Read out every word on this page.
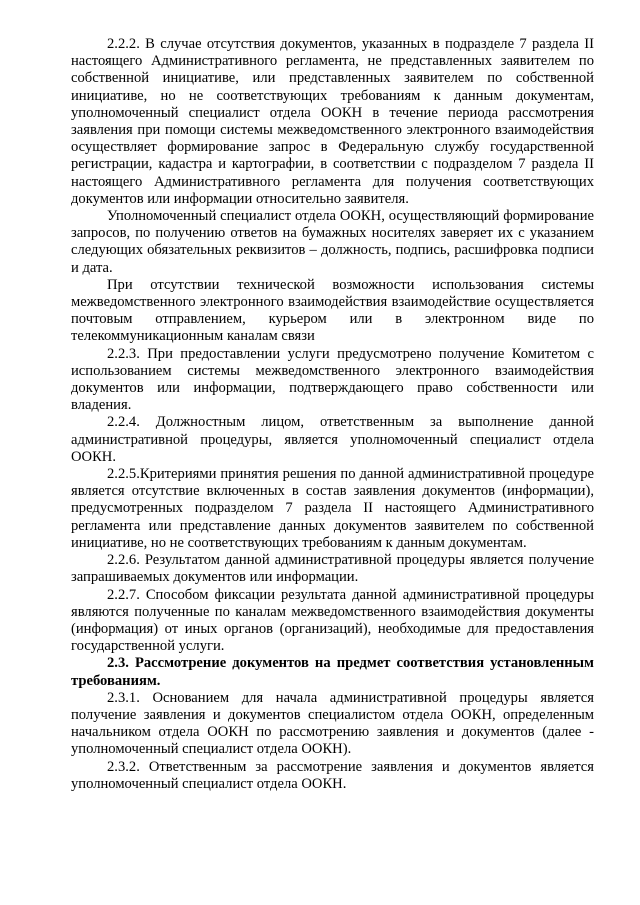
2.2.2. В случае отсутствия документов, указанных в подразделе 7 раздела II настоящего Административного регламента, не представленных заявителем по собственной инициативе, или представленных заявителем по собственной инициативе, но не соответствующих требованиям к данным документам, уполномоченный специалист отдела ООКН в течение периода рассмотрения заявления при помощи системы межведомственного электронного взаимодействия осуществляет формирование запрос в Федеральную службу государственной регистрации, кадастра и картографии, в соответствии с подразделом 7 раздела II настоящего Административного регламента для получения соответствующих документов или информации относительно заявителя.

Уполномоченный специалист отдела ООКН, осуществляющий формирование запросов, по получению ответов на бумажных носителях заверяет их с указанием следующих обязательных реквизитов – должность, подпись, расшифровка подписи и дата.

При отсутствии технической возможности использования системы межведомственного электронного взаимодействия взаимодействие осуществляется почтовым отправлением, курьером или в электронном виде по телекоммуникационным каналам связи

2.2.3. При предоставлении услуги предусмотрено получение Комитетом с использованием системы межведомственного электронного взаимодействия документов или информации, подтверждающего право собственности или владения.

2.2.4. Должностным лицом, ответственным за выполнение данной административной процедуры, является уполномоченный специалист отдела ООКН.

2.2.5.Критериями принятия решения по данной административной процедуре является отсутствие включенных в состав заявления документов (информации), предусмотренных подразделом 7 раздела II настоящего Административного регламента или представление данных документов заявителем по собственной инициативе, но не соответствующих требованиям к данным документам.

2.2.6. Результатом данной административной процедуры является получение запрашиваемых документов или информации.

2.2.7. Способом фиксации результата данной административной процедуры являются полученные по каналам межведомственного взаимодействия документы (информация) от иных органов (организаций), необходимые для предоставления государственной услуги.

2.3. Рассмотрение документов на предмет соответствия установленным требованиям.

2.3.1. Основанием для начала административной процедуры является получение заявления и документов специалистом отдела ООКН, определенным начальником отдела ООКН по рассмотрению заявления и документов (далее - уполномоченный специалист отдела ООКН).

2.3.2. Ответственным за рассмотрение заявления и документов является уполномоченный специалист отдела ООКН.
